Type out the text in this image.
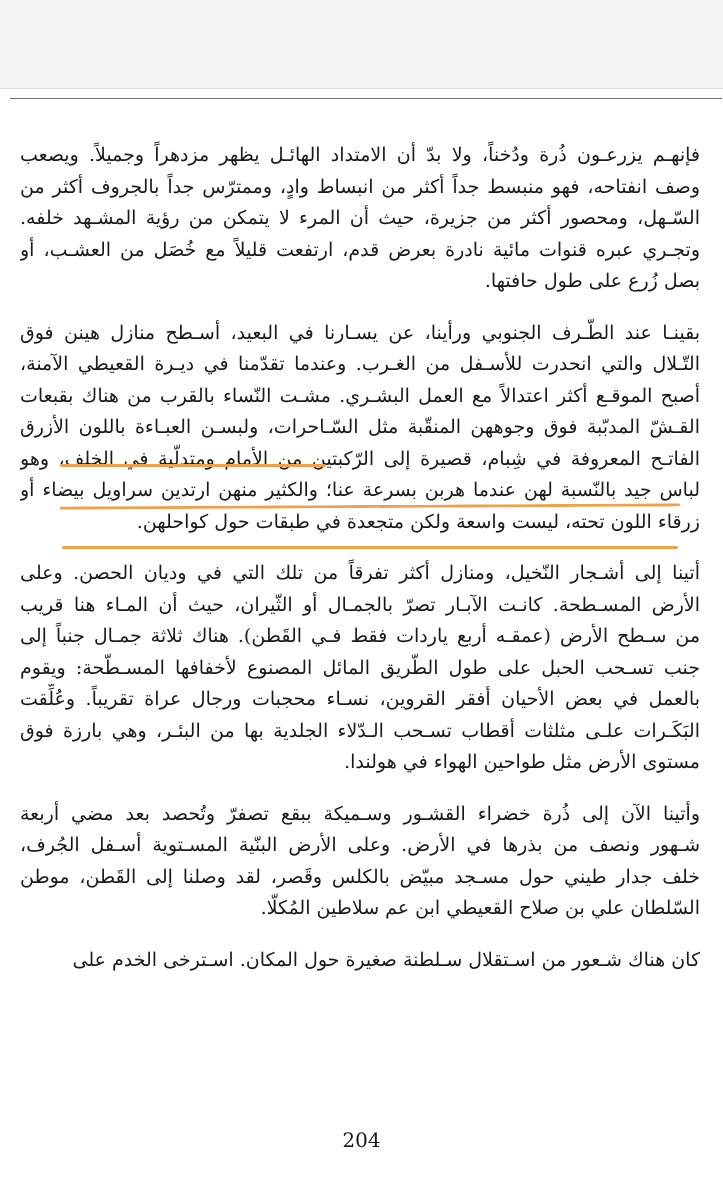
فإنهـم يزرعـون ذُرة ودُخناً، ولا بدّ أن الامتداد الهائـل يظهر مزدهراً وجميلاً. ويصعب
وصف انفتاحه، فهو منبسط جداً أكثر من انبساط وادٍ، وممترّس جداً بالجروف أكثر من
السّـهل، ومحصور أكثر من جزيرة، حيث أن المرء لا يتمكن من رؤية المشـهد خلفه.
وتجـري عبره قنوات مائية نادرة بعرض قدم، ارتفعت قليلاً مع خُصَل من العشـب، أو
بصل زُرع على طول حافتها.
بقينـا عند الطّـرف الجنوبي ورأينا، عن يسـارنا في البعيد، أسـطح منازل هينن فوق
التّـلال والتي انحدرت للأسـفل من الغـرب. وعندما تقدّمنا في ديـرة القعيطي الآمنة،
أصبح الموقـع أكثر اعتدالاً مع العمل البشـري. مشـت النّساء بالقرب من هناك بقبعات
القـشّ المدبّبة فوق وجوههن المنقّبة مثل السّـاحرات، ولبسـن العبـاءة باللون الأزرق
الفاتـح المعروفة في شِبام، قصيرة إلى الرّكبتين من الأمام ومتدلّية في الخلف، وهو
لباس جيد بالنّسبة لهن عندما هربن بسرعة عنا؛ والكثير منهن ارتدين سراويل بيضاء أو
زرقاء اللون تحته، ليست واسعة ولكن متجعدة في طبقات حول كواحلهن.
أتينا إلى أشـجار النّخيل، ومنازل أكثر تفرقاً من تلك التي في وديان الحصن. وعلى
الأرض المسـطحة. كانـت الآبـار تصرّ بالجمـال أو الثّيران، حيث أن المـاء هنا قريب
من سـطح الأرض (عمقـه أربع ياردات فقط فـي القَطن). هناك ثلاثة جمـال جنباً إلى
جنب تسـحب الحبل على طول الطّريق المائل المصنوع لأخفافها المسـطّحة: ويقوم
بالعمل في بعض الأحيان أفقر القروين، نسـاء محجبات ورجال عراة تقريباً. وعُلِّقت
البَكَـرات علـى مثلثات أقطاب تسـحب الـدّلاء الجلدية بها من البئـر، وهي بارزة فوق
مستوى الأرض مثل طواحين الهواء في هولندا.
وأتينا الآن إلى ذُرة خضراء القشـور وسـميكة ببقع تصفرّ وتُحصد بعد مضي أربعة
شـهور ونصف من بذرها في الأرض. وعلى الأرض البنّية المسـتوية أسـفل الجُرف،
خلف جدار طيني حول مسـجد مبيّض بالكلس وقَصر، لقد وصلنا إلى القَطن، موطن
السّلطان علي بن صلاح القعيطي ابن عم سلاطين المُكلّا.
كان هناك شـعور من اسـتقلال سـلطنة صغيرة حول المكان. اسـترخى الخدم على
204
